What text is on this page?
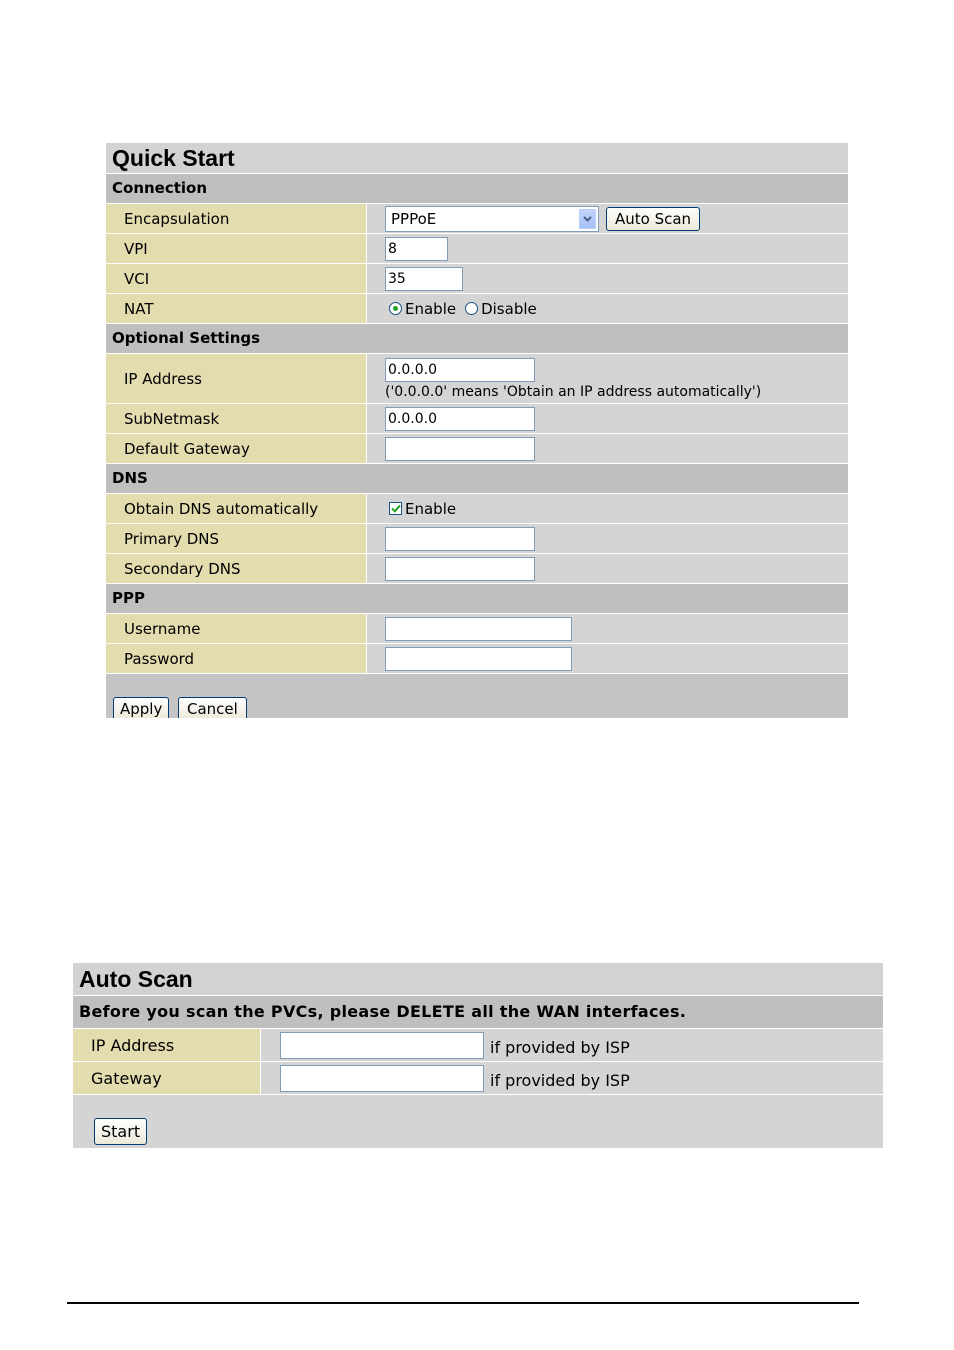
Quick Start
Connection
Encapsulation	PPPoE	Auto Scan
VPI	8
VCI	35
NAT	Enable Disable
Optional Settings
IP Address	0.0.0.0
('0.0.0.0' means 'Obtain an IP address automatically')
SubNetmask	0.0.0.0
Default Gateway
DNS
Obtain DNS automatically	Enable
Primary DNS
Secondary DNS
PPP
Username
Password
Apply	Cancel
Auto Scan
Before you scan the PVCs, please DELETE all the WAN interfaces.
IP Address	if provided by ISP
Gateway	if provided by ISP
Start
